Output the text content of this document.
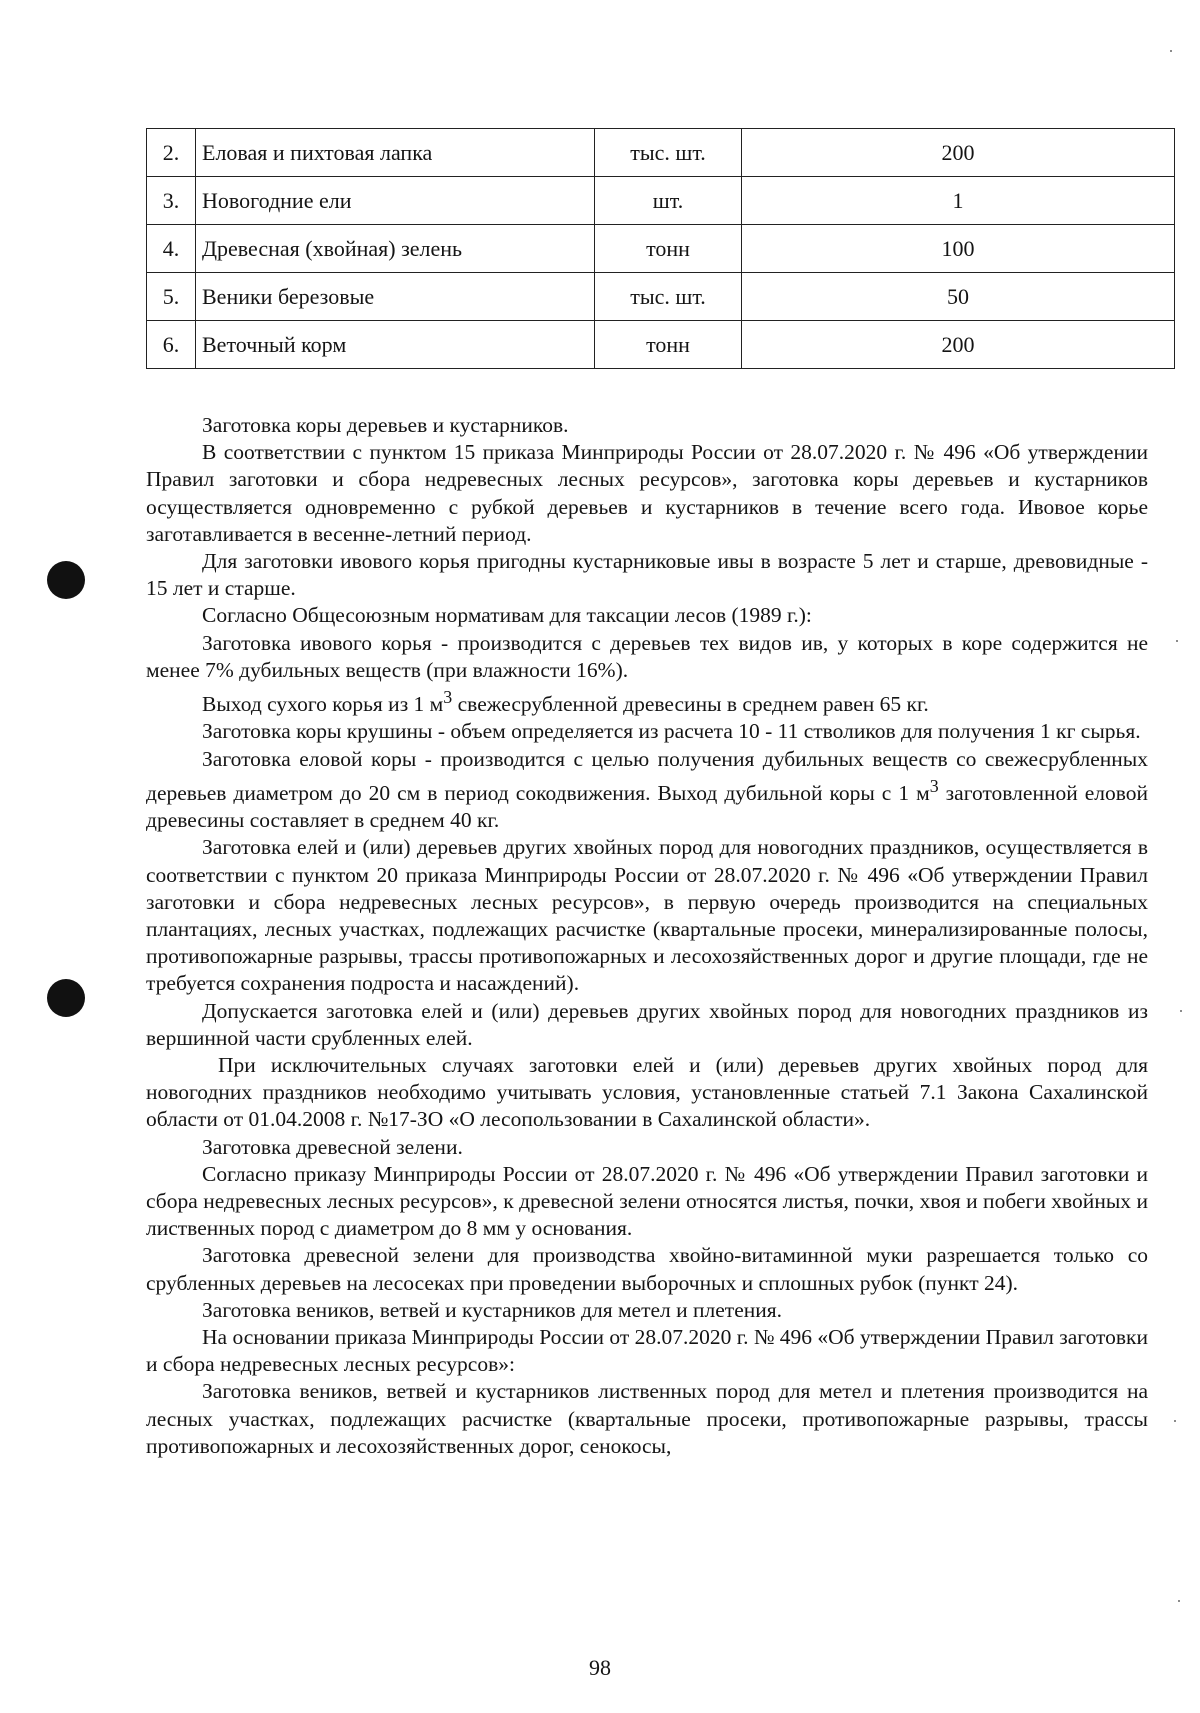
2.	Еловая и пихтовая лапка	тыс. шт.	200
3.	Новогодние ели	шт.	1
4.	Древесная (хвойная) зелень	тонн	100
5.	Веники березовые	тыс. шт.	50
6.	Веточный корм	тонн	200

Заготовка коры деревьев и кустарников.

В соответствии с пунктом 15 приказа Минприроды России от 28.07.2020 г. № 496 «Об утверждении Правил заготовки и сбора недревесных лесных ресурсов», заготовка коры деревьев и кустарников осуществляется одновременно с рубкой деревьев и кустарников в течение всего года. Ивовое корье заготавливается в весенне-летний период.

Для заготовки ивового корья пригодны кустарниковые ивы в возрасте 5 лет и старше, древовидные - 15 лет и старше.

Согласно Общесоюзным нормативам для таксации лесов (1989 г.):

Заготовка ивового корья - производится с деревьев тех видов ив, у которых в коре содержится не менее 7% дубильных веществ (при влажности 16%).

Выход сухого корья из 1 $м^3$ свежесрубленной древесины в среднем равен 65 кг.

Заготовка коры крушины - объем определяется из расчета 10 - 11 стволиков для получения 1 кг сырья.

Заготовка еловой коры - производится с целью получения дубильных веществ со свежесрубленных деревьев диаметром до 20 см в период сокодвижения. Выход дубильной коры с 1 $м^3$ заготовленной еловой древесины составляет в среднем 40 кг.

Заготовка елей и (или) деревьев других хвойных пород для новогодних праздников, осуществляется в соответствии с пунктом 20 приказа Минприроды России от 28.07.2020 г. № 496 «Об утверждении Правил заготовки и сбора недревесных лесных ресурсов», в первую очередь производится на специальных плантациях, лесных участках, подлежащих расчистке (квартальные просеки, минерализированные полосы, противопожарные разрывы, трассы противопожарных и лесохозяйственных дорог и другие площади, где не требуется сохранения подроста и насаждений).

Допускается заготовка елей и (или) деревьев других хвойных пород для новогодних праздников из вершинной части срубленных елей.

При исключительных случаях заготовки елей и (или) деревьев других хвойных пород для новогодних праздников необходимо учитывать условия, установленные статьей 7.1 Закона Сахалинской области от 01.04.2008 г. №17-ЗО «О лесопользовании в Сахалинской области».

Заготовка древесной зелени.

Согласно приказу Минприроды России от 28.07.2020 г. № 496 «Об утверждении Правил заготовки и сбора недревесных лесных ресурсов», к древесной зелени относятся листья, почки, хвоя и побеги хвойных и лиственных пород с диаметром до 8 мм у основания.

Заготовка древесной зелени для производства хвойно-витаминной муки разрешается только со срубленных деревьев на лесосеках при проведении выборочных и сплошных рубок (пункт 24).

Заготовка веников, ветвей и кустарников для метел и плетения.

На основании приказа Минприроды России от 28.07.2020 г. № 496 «Об утверждении Правил заготовки и сбора недревесных лесных ресурсов»:

Заготовка веников, ветвей и кустарников лиственных пород для метел и плетения производится на лесных участках, подлежащих расчистке (квартальные просеки, противопожарные разрывы, трассы противопожарных и лесохозяйственных дорог, сенокосы,

98
